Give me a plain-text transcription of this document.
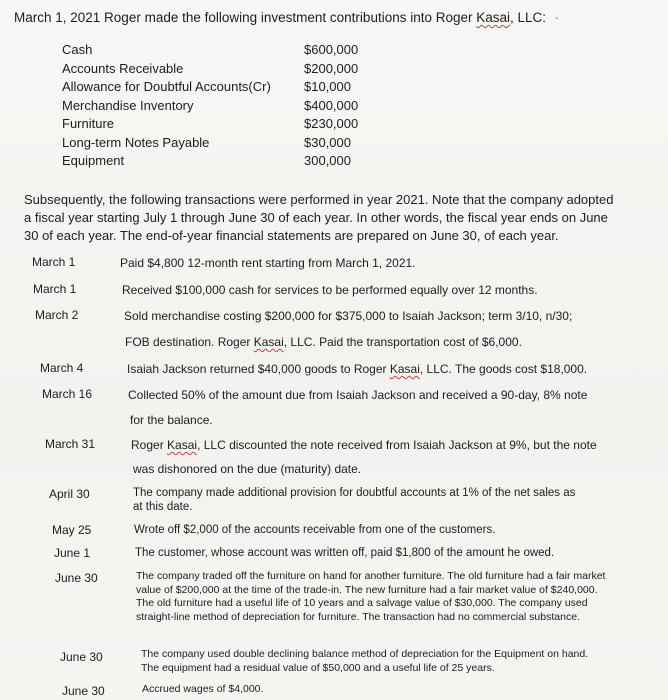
March 1, 2021 Roger made the following investment contributions into Roger Kasai, LLC: -
Cash	$600,000
Accounts Receivable	$200,000
Allowance for Doubtful Accounts(Cr)	$10,000
Merchandise Inventory	$400,000
Furniture	$230,000
Long-term Notes Payable	$30,000
Equipment	300,000
Subsequently, the following transactions were performed in year 2021. Note that the company adopted a fiscal year starting July 1 through June 30 of each year. In other words, the fiscal year ends on June 30 of each year. The end-of-year financial statements are prepared on June 30, of each year.
March 1	Paid $4,800 12-month rent starting from March 1, 2021.
March 1	Received $100,000 cash for services to be performed equally over 12 months.
March 2	Sold merchandise costing $200,000 for $375,000 to Isaiah Jackson; term 3/10, n/30;
FOB destination. Roger Kasai, LLC. Paid the transportation cost of $6,000.
March 4	Isaiah Jackson returned $40,000 goods to Roger Kasai, LLC. The goods cost $18,000.
March 16	Collected 50% of the amount due from Isaiah Jackson and received a 90-day, 8% note
for the balance.
March 31	Roger Kasai, LLC discounted the note received from Isaiah Jackson at 9%, but the note
was dishonored on the due (maturity) date.
April 30	The company made additional provision for doubtful accounts at 1% of the net sales as
at this date.
May 25	Wrote off $2,000 of the accounts receivable from one of the customers.
June 1	The customer, whose account was written off, paid $1,800 of the amount he owed.
June 30	The company traded off the furniture on hand for another furniture. The old furniture had a fair market value of $200,000 at the time of the trade-in. The new furniture had a fair market value of $240,000. The old furniture had a useful life of 10 years and a salvage value of $30,000. The company used straight-line method of depreciation for furniture. The transaction had no commercial substance.
June 30	The company used double declining balance method of depreciation for the Equipment on hand. The equipment had a residual value of $50,000 and a useful life of 25 years.
June 30	Accrued wages of $4,000.
